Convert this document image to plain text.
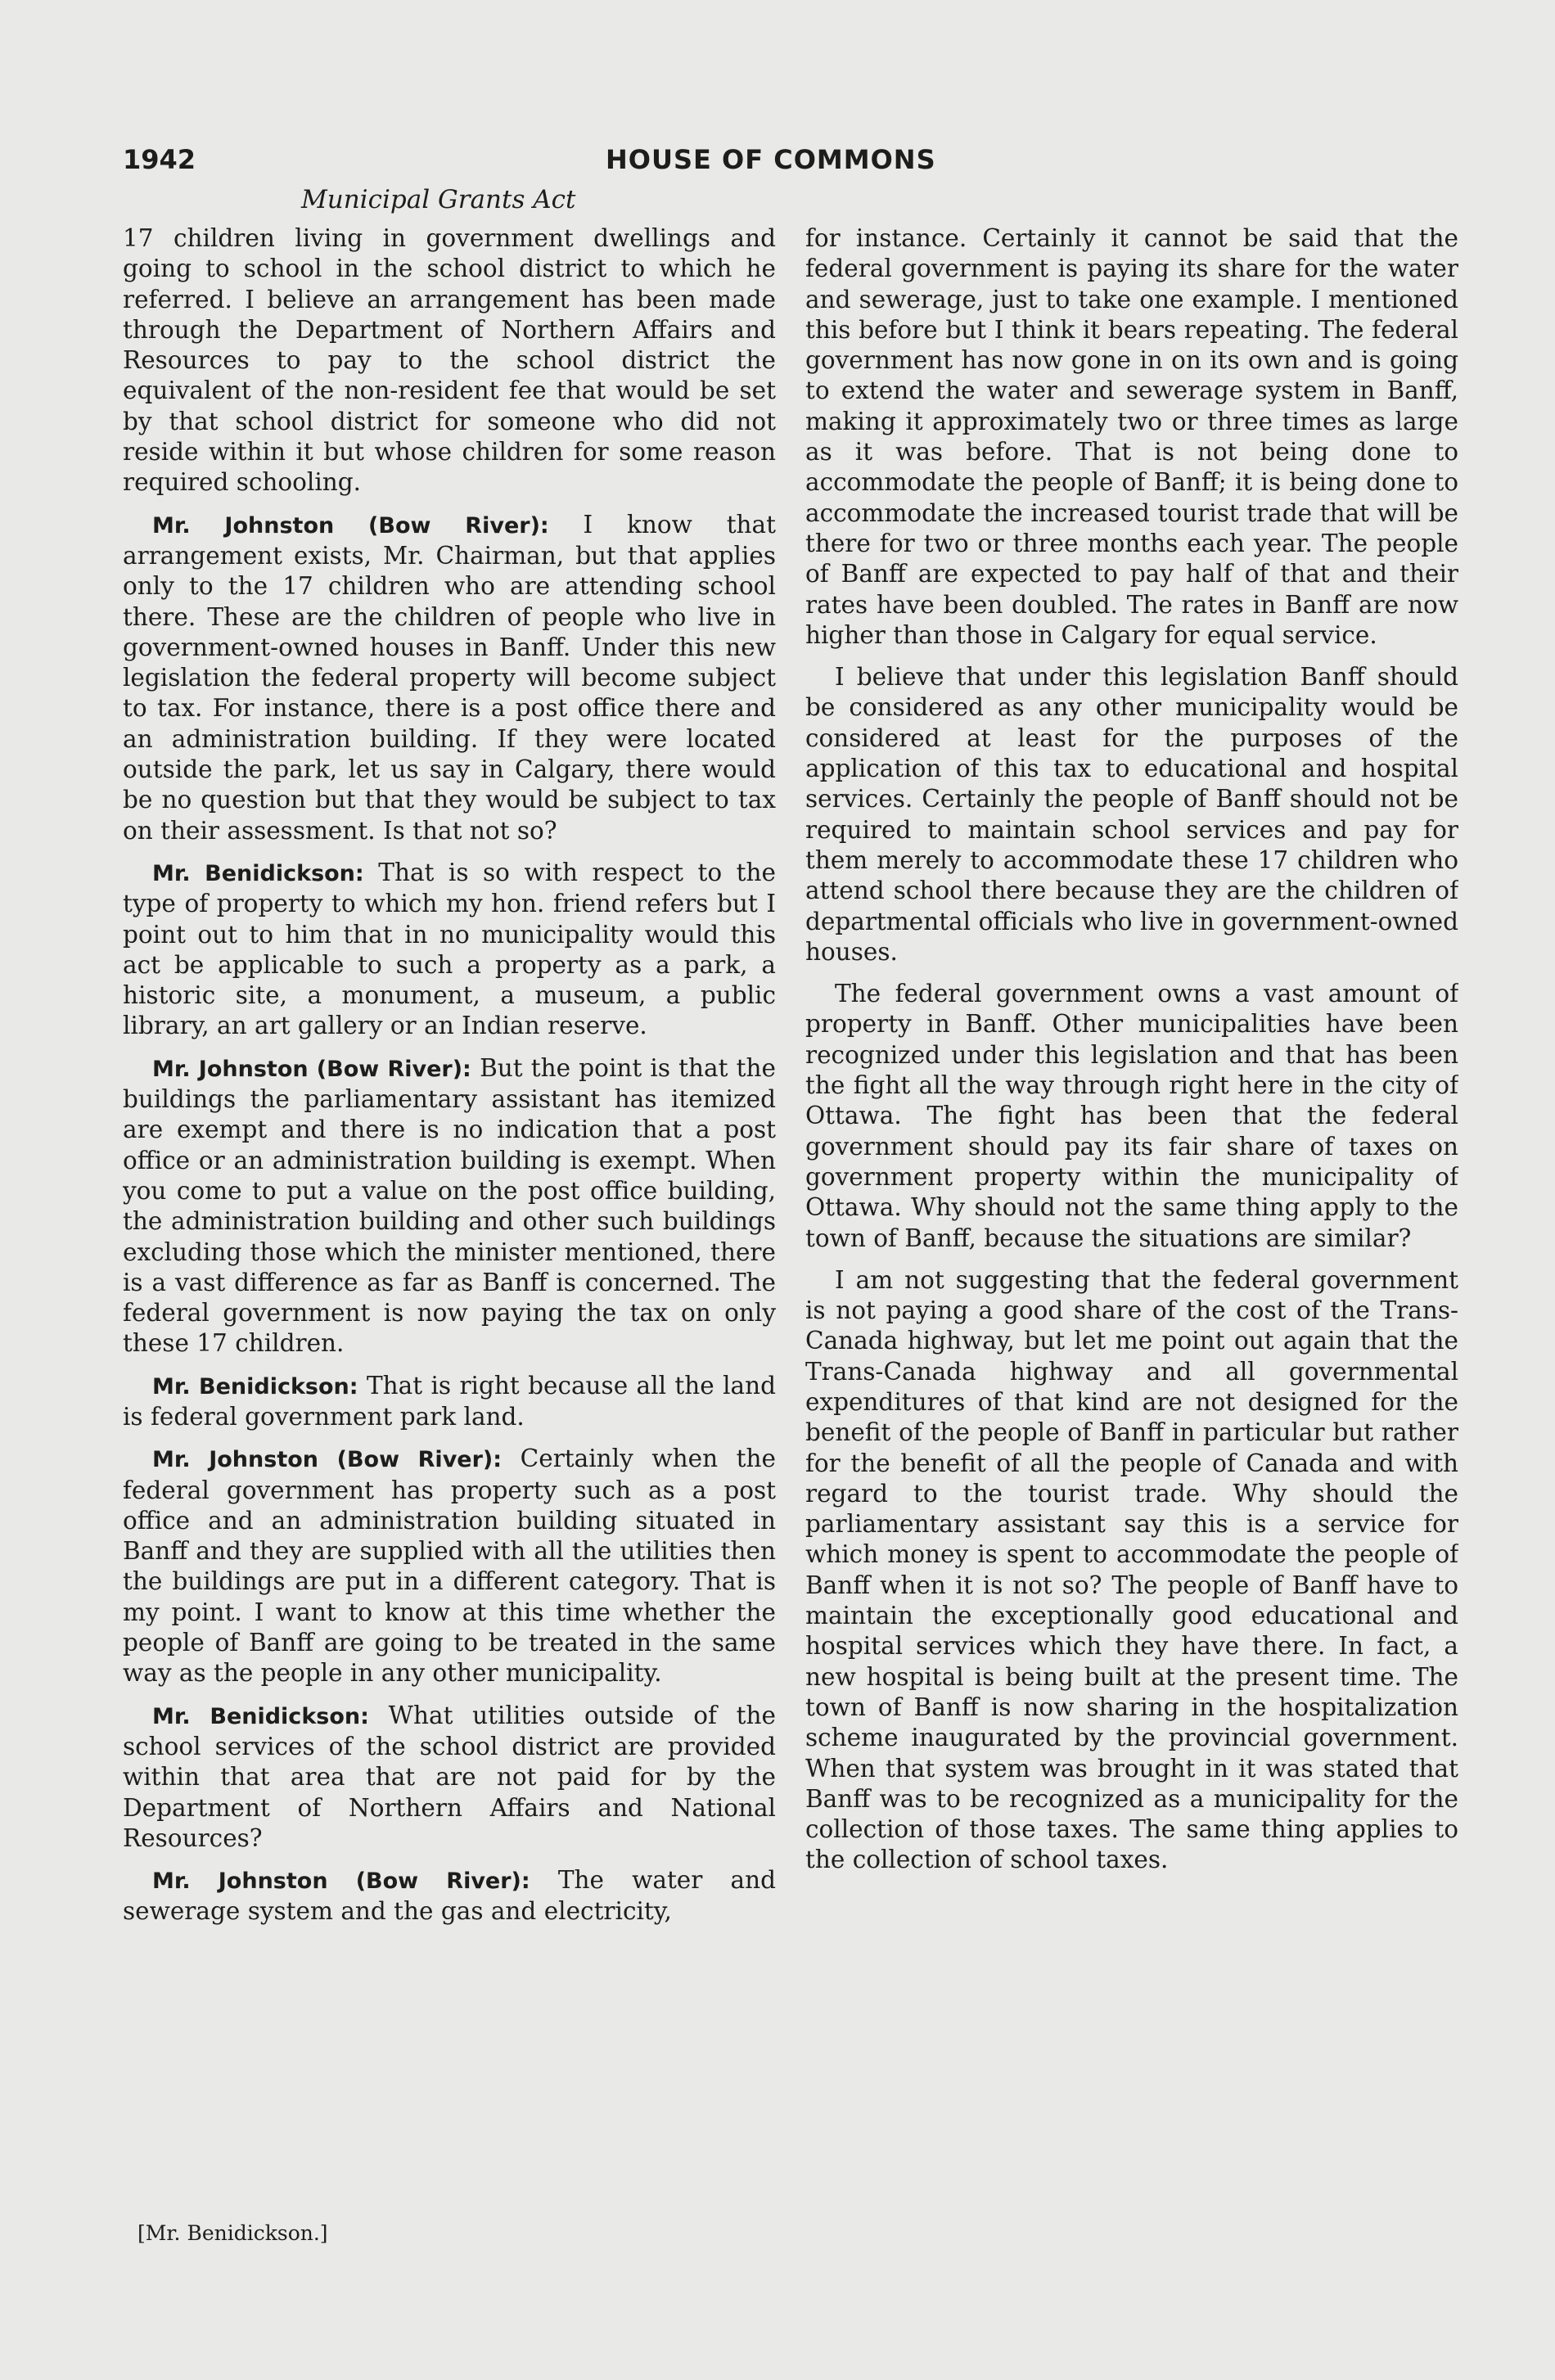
1942	HOUSE OF COMMONS
Municipal Grants Act

17 children living in government dwellings and going to school in the school district to which he referred. I believe an arrangement has been made through the Department of Northern Affairs and Resources to pay to the school district the equivalent of the non-resident fee that would be set by that school district for someone who did not reside within it but whose children for some reason required schooling.

Mr. Johnston (Bow River): I know that arrangement exists, Mr. Chairman, but that applies only to the 17 children who are attending school there. These are the children of people who live in government-owned houses in Banff. Under this new legislation the federal property will become subject to tax. For instance, there is a post office there and an administration building. If they were located outside the park, let us say in Calgary, there would be no question but that they would be subject to tax on their assessment. Is that not so?

Mr. Benidickson: That is so with respect to the type of property to which my hon. friend refers but I point out to him that in no municipality would this act be applicable to such a property as a park, a historic site, a monument, a museum, a public library, an art gallery or an Indian reserve.

Mr. Johnston (Bow River): But the point is that the buildings the parliamentary assistant has itemized are exempt and there is no indication that a post office or an administration building is exempt. When you come to put a value on the post office building, the administration building and other such buildings excluding those which the minister mentioned, there is a vast difference as far as Banff is concerned. The federal government is now paying the tax on only these 17 children.

Mr. Benidickson: That is right because all the land is federal government park land.

Mr. Johnston (Bow River): Certainly when the federal government has property such as a post office and an administration building situated in Banff and they are supplied with all the utilities then the buildings are put in a different category. That is my point. I want to know at this time whether the people of Banff are going to be treated in the same way as the people in any other municipality.

Mr. Benidickson: What utilities outside of the school services of the school district are provided within that area that are not paid for by the Department of Northern Affairs and National Resources?

Mr. Johnston (Bow River): The water and sewerage system and the gas and electricity,

for instance. Certainly it cannot be said that the federal government is paying its share for the water and sewerage, just to take one example. I mentioned this before but I think it bears repeating. The federal government has now gone in on its own and is going to extend the water and sewerage system in Banff, making it approximately two or three times as large as it was before. That is not being done to accommodate the people of Banff; it is being done to accommodate the increased tourist trade that will be there for two or three months each year. The people of Banff are expected to pay half of that and their rates have been doubled. The rates in Banff are now higher than those in Calgary for equal service.

I believe that under this legislation Banff should be considered as any other municipality would be considered at least for the purposes of the application of this tax to educational and hospital services. Certainly the people of Banff should not be required to maintain school services and pay for them merely to accommodate these 17 children who attend school there because they are the children of departmental officials who live in government-owned houses.

The federal government owns a vast amount of property in Banff. Other municipalities have been recognized under this legislation and that has been the fight all the way through right here in the city of Ottawa. The fight has been that the federal government should pay its fair share of taxes on government property within the municipality of Ottawa. Why should not the same thing apply to the town of Banff, because the situations are similar?

I am not suggesting that the federal government is not paying a good share of the cost of the Trans-Canada highway, but let me point out again that the Trans-Canada highway and all governmental expenditures of that kind are not designed for the benefit of the people of Banff in particular but rather for the benefit of all the people of Canada and with regard to the tourist trade. Why should the parliamentary assistant say this is a service for which money is spent to accommodate the people of Banff when it is not so? The people of Banff have to maintain the exceptionally good educational and hospital services which they have there. In fact, a new hospital is being built at the present time. The town of Banff is now sharing in the hospitalization scheme inaugurated by the provincial government. When that system was brought in it was stated that Banff was to be recognized as a municipality for the collection of those taxes. The same thing applies to the collection of school taxes.

[Mr. Benidickson.]
